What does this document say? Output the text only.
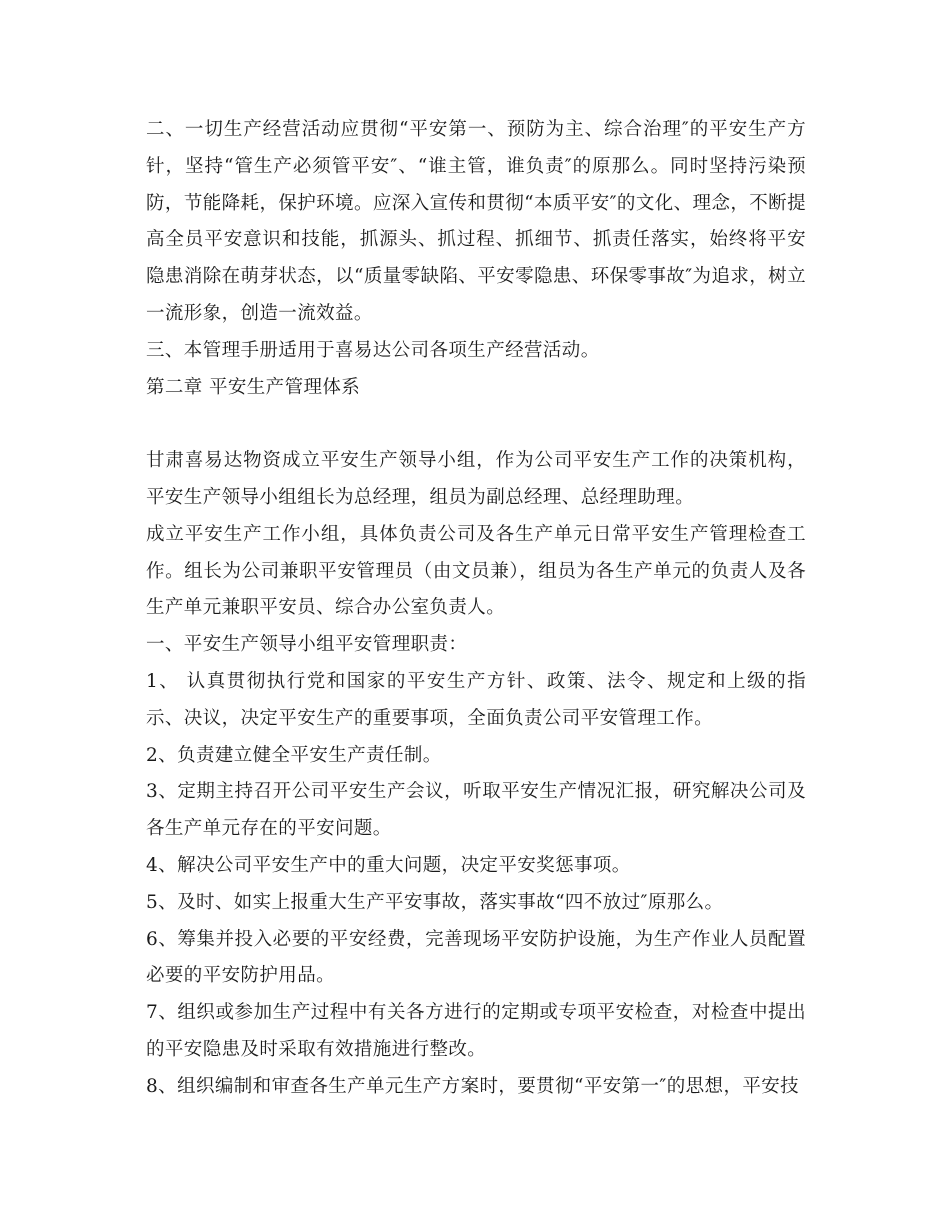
二、一切生产经营活动应贯彻“平安第一、预防为主、综合治理″的平安生产方针，坚持“管生产必须管平安″、“谁主管，谁负责″的原那么。同时坚持污染预防，节能降耗，保护环境。应深入宣传和贯彻“本质平安″的文化、理念，不断提高全员平安意识和技能，抓源头、抓过程、抓细节、抓责任落实，始终将平安隐患消除在萌芽状态，以“质量零缺陷、平安零隐患、环保零事故″为追求，树立一流形象，创造一流效益。

三、本管理手册适用于喜易达公司各项生产经营活动。

第二章 平安生产管理体系

甘肃喜易达物资成立平安生产领导小组，作为公司平安生产工作的决策机构，平安生产领导小组组长为总经理，组员为副总经理、总经理助理。

成立平安生产工作小组，具体负责公司及各生产单元日常平安生产管理检查工作。组长为公司兼职平安管理员（由文员兼），组员为各生产单元的负责人及各生产单元兼职平安员、综合办公室负责人。

一、平安生产领导小组平安管理职责：

1、 认真贯彻执行党和国家的平安生产方针、政策、法令、规定和上级的指示、决议，决定平安生产的重要事项，全面负责公司平安管理工作。

2、负责建立健全平安生产责任制。

3、定期主持召开公司平安生产会议，听取平安生产情况汇报，研究解决公司及各生产单元存在的平安问题。

4、解决公司平安生产中的重大问题，决定平安奖惩事项。

5、及时、如实上报重大生产平安事故，落实事故“四不放过″原那么。

6、筹集并投入必要的平安经费，完善现场平安防护设施，为生产作业人员配置必要的平安防护用品。

7、组织或参加生产过程中有关各方进行的定期或专项平安检查，对检查中提出的平安隐患及时采取有效措施进行整改。

8、组织编制和审查各生产单元生产方案时，要贯彻“平安第一″的思想，平安技
